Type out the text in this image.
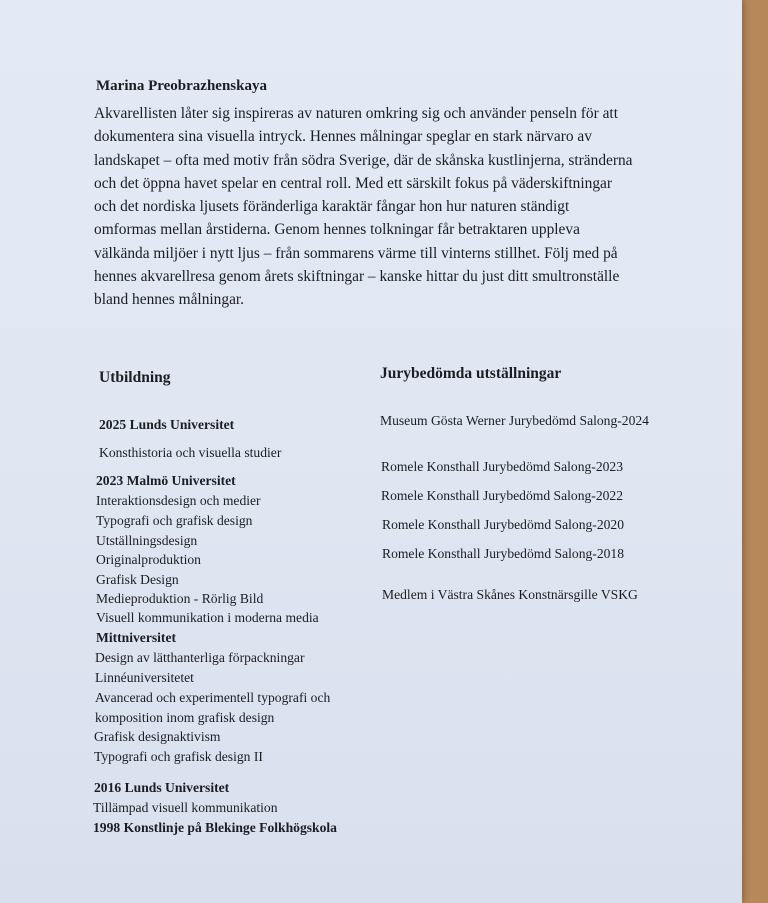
Marina Preobrazhenskaya

Akvarellisten låter sig inspireras av naturen omkring sig och använder penseln för att dokumentera sina visuella intryck. Hennes målningar speglar en stark närvaro av landskapet – ofta med motiv från södra Sverige, där de skånska kustlinjerna, stränderna och det öppna havet spelar en central roll. Med ett särskilt fokus på väderskiftningar och det nordiska ljusets föränderliga karaktär fångar hon hur naturen ständigt omformas mellan årstiderna. Genom hennes tolkningar får betraktaren uppleva välkända miljöer i nytt ljus – från sommarens värme till vinterns stillhet. Följ med på hennes akvarellresa genom årets skiftningar – kanske hittar du just ditt smultronställe bland hennes målningar.

Utbildning
2025 Lunds Universitet
Konsthistoria och visuella studier
2023 Malmö Universitet
Interaktionsdesign och medier
Typografi och grafisk design
Utställningsdesign
Originalproduktion
Grafisk Design
Medieproduktion - Rörlig Bild
Visuell kommunikation i moderna media
Mittniversitet
Design av lätthanterliga förpackningar
Linnéuniversitetet
Avancerad och experimentell typografi och komposition inom grafisk design
Grafisk designaktivism
Typografi och grafisk design II
2016 Lunds Universitet
Tillämpad visuell kommunikation
1998 Konstlinje på Blekinge Folkhögskola
Jurybedömda utställningar
Museum Gösta Werner Jurybedömd Salong-2024
Romele Konsthall Jurybedömd Salong-2023
Romele Konsthall Jurybedömd Salong-2022
Romele Konsthall Jurybedömd Salong-2020
Romele Konsthall Jurybedömd Salong-2018
Medlem i Västra Skånes Konstnärsgille VSKG
